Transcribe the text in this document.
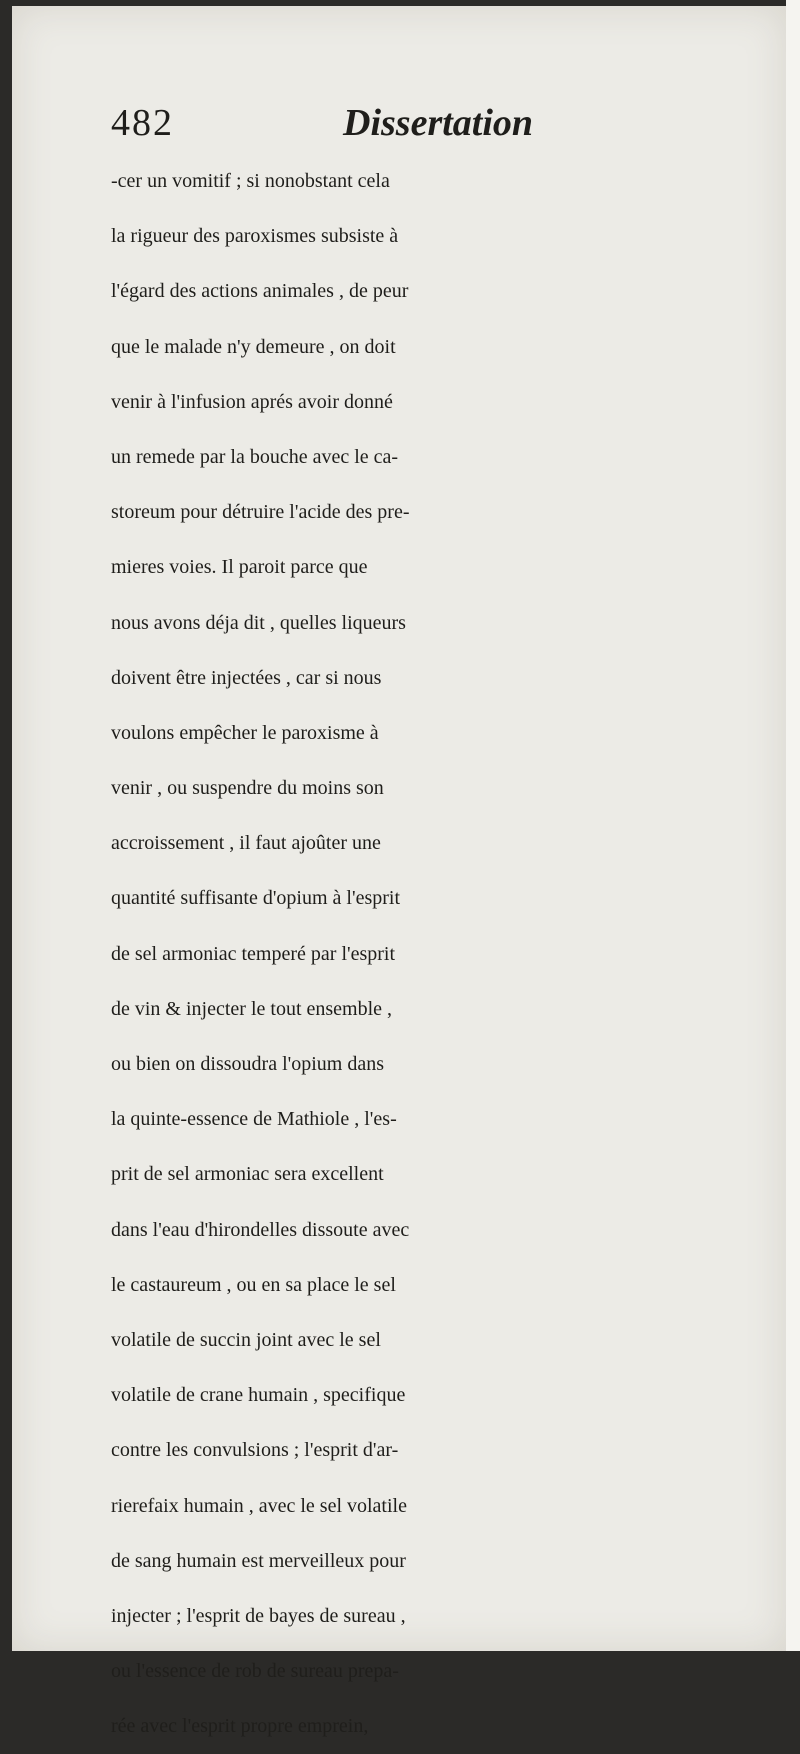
482	Dissertation
-cer un vomitif ; si nonobstant cela
la rigueur des paroxismes subsiste à
l'égard des actions animales , de peur
que le malade n'y demeure , on doit
venir à l'infusion aprés avoir donné
un remede par la bouche avec le ca-
storeum pour détruire l'acide des pre-
mieres voies. Il paroit parce que
nous avons déja dit , quelles liqueurs
doivent être injectées , car si nous
voulons empêcher le paroxisme à
venir , ou suspendre du moins son
accroissement , il faut ajoûter une
quantité suffisante d'opium à l'esprit
de sel armoniac temperé par l'esprit
de vin & injecter le tout ensemble ,
ou bien on dissoudra l'opium dans
la quinte-essence de Mathiole , l'es-
prit de sel armoniac sera excellent
dans l'eau d'hirondelles dissoute avec
le castaureum , ou en sa place le sel
volatile de succin joint avec le sel
volatile de crane humain , specifique
contre les convulsions ; l'esprit d'ar-
rierefaix humain , avec le sel volatile
de sang humain est merveilleux pour
injecter ; l'esprit de bayes de sureau ,
ou l'essence de rob de sureau prepa-
rée avec l'esprit propre emprein,
